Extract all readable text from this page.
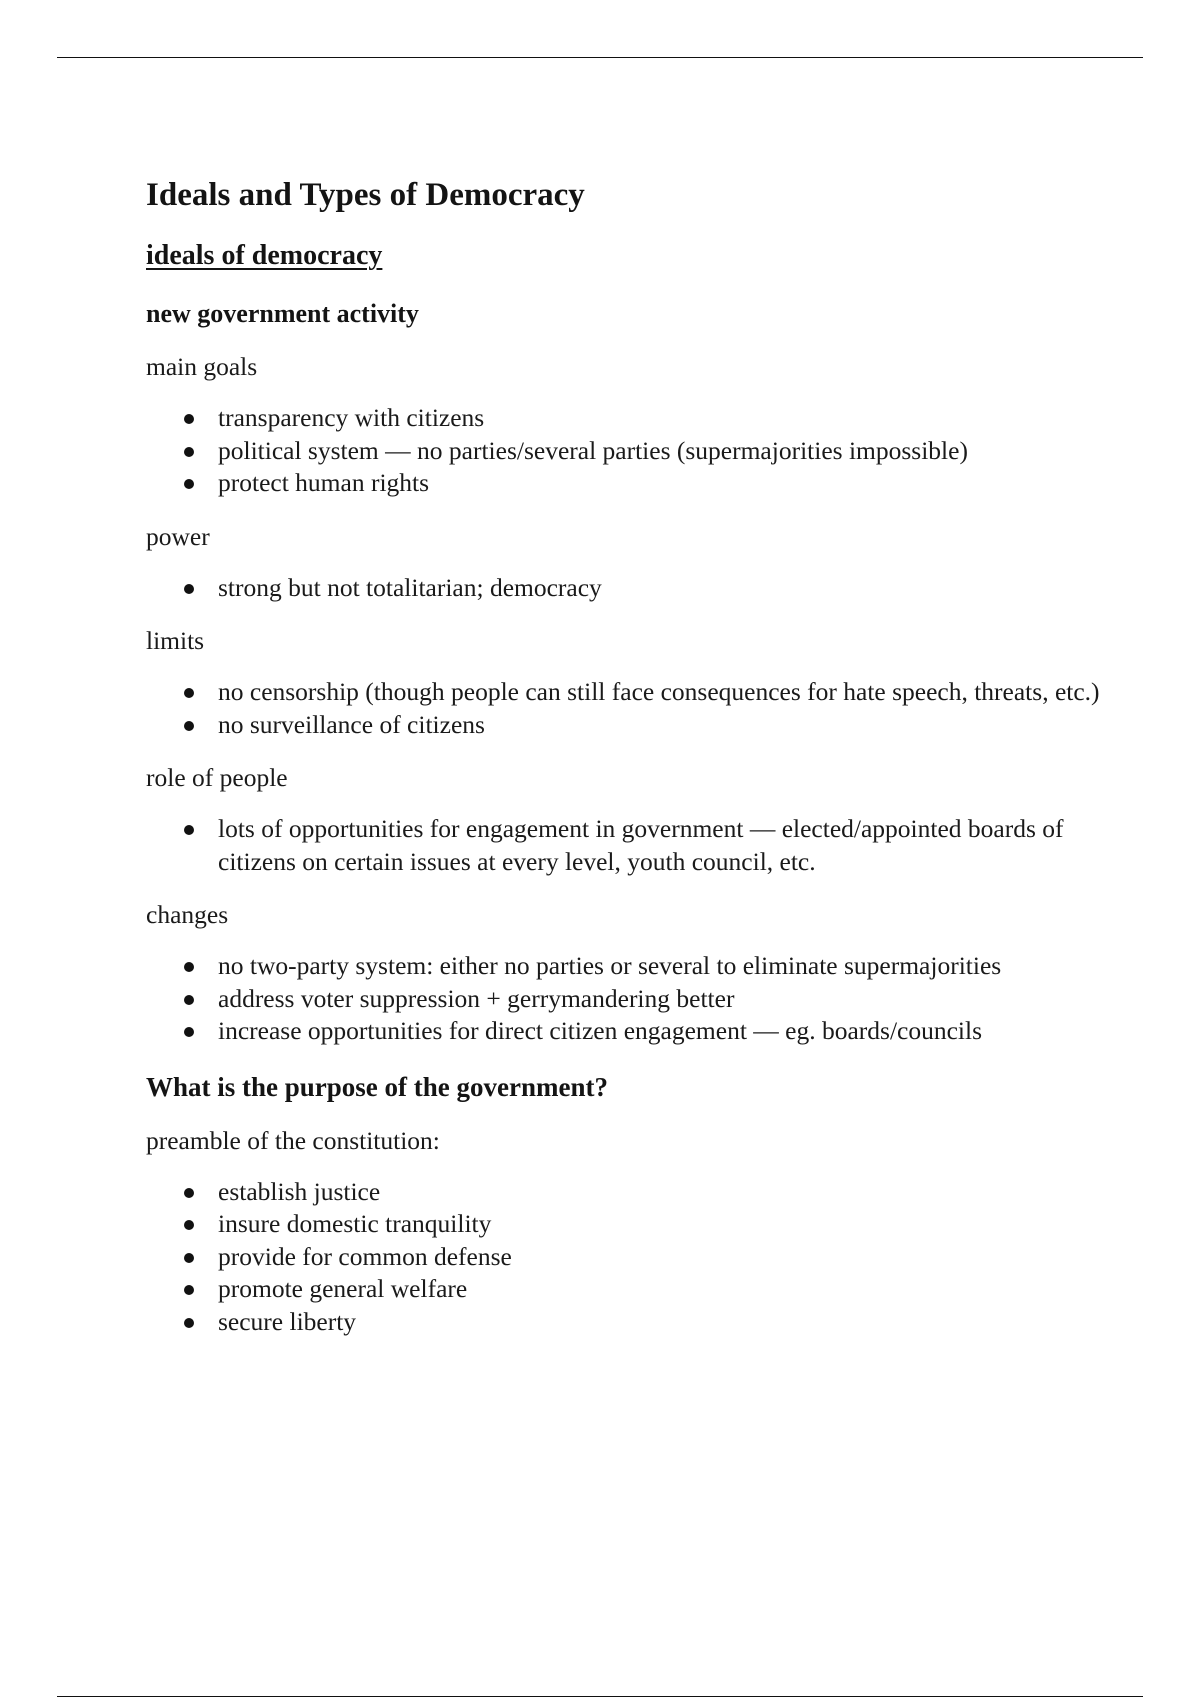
Ideals and Types of Democracy
ideals of democracy
new government activity
main goals
transparency with citizens
political system — no parties/several parties (supermajorities impossible)
protect human rights
power
strong but not totalitarian; democracy
limits
no censorship (though people can still face consequences for hate speech, threats, etc.)
no surveillance of citizens
role of people
lots of opportunities for engagement in government — elected/appointed boards of citizens on certain issues at every level, youth council, etc.
changes
no two-party system: either no parties or several to eliminate supermajorities
address voter suppression + gerrymandering better
increase opportunities for direct citizen engagement — eg. boards/councils
What is the purpose of the government?
preamble of the constitution:
establish justice
insure domestic tranquility
provide for common defense
promote general welfare
secure liberty
